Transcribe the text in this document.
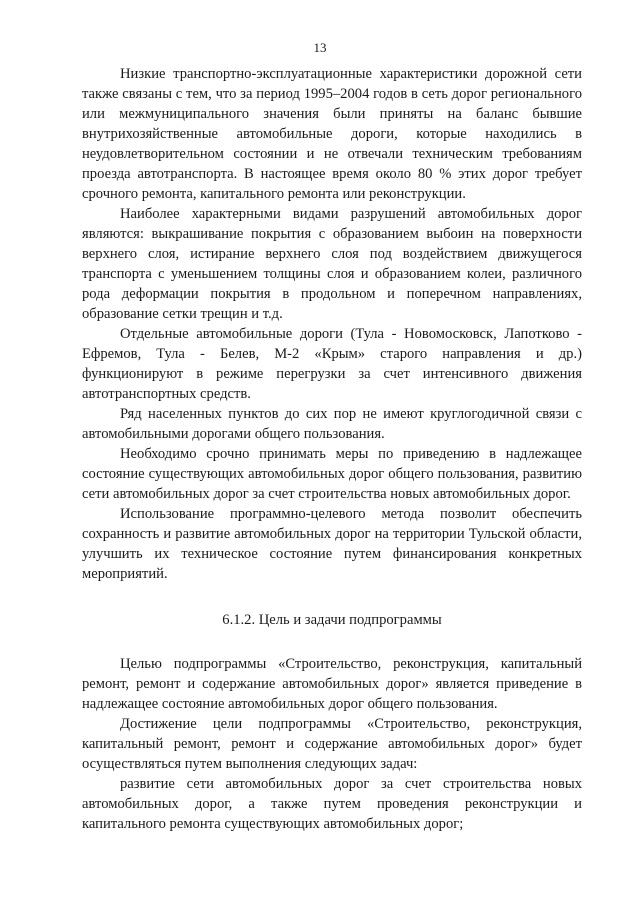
13

Низкие транспортно-эксплуатационные характеристики дорожной сети также связаны с тем, что за период 1995–2004 годов в сеть дорог регионального или межмуниципального значения были приняты на баланс бывшие внутрихозяйственные автомобильные дороги, которые находились в неудовлетворительном состоянии и не отвечали техническим требованиям проезда автотранспорта. В настоящее время около 80 % этих дорог требует срочного ремонта, капитального ремонта или реконструкции.

Наиболее характерными видами разрушений автомобильных дорог являются: выкрашивание покрытия с образованием выбоин на поверхности верхнего слоя, истирание верхнего слоя под воздействием движущегося транспорта с уменьшением толщины слоя и образованием колеи, различного рода деформации покрытия в продольном и поперечном направлениях, образование сетки трещин и т.д.

Отдельные автомобильные дороги (Тула - Новомосковск, Лапотково - Ефремов, Тула - Белев, М-2 «Крым» старого направления и др.) функционируют в режиме перегрузки за счет интенсивного движения автотранспортных средств.

Ряд населенных пунктов до сих пор не имеют круглогодичной связи с автомобильными дорогами общего пользования.

Необходимо срочно принимать меры по приведению в надлежащее состояние существующих автомобильных дорог общего пользования, развитию сети автомобильных дорог за счет строительства новых автомобильных дорог.

Использование программно-целевого метода позволит обеспечить сохранность и развитие автомобильных дорог на территории Тульской области, улучшить их техническое состояние путем финансирования конкретных мероприятий.

6.1.2. Цель и задачи подпрограммы

Целью подпрограммы «Строительство, реконструкция, капитальный ремонт, ремонт и содержание автомобильных дорог» является приведение в надлежащее состояние автомобильных дорог общего пользования.

Достижение цели подпрограммы «Строительство, реконструкция, капитальный ремонт, ремонт и содержание автомобильных дорог» будет осуществляться путем выполнения следующих задач:

развитие сети автомобильных дорог за счет строительства новых автомобильных дорог, а также путем проведения реконструкции и капитального ремонта существующих автомобильных дорог;
